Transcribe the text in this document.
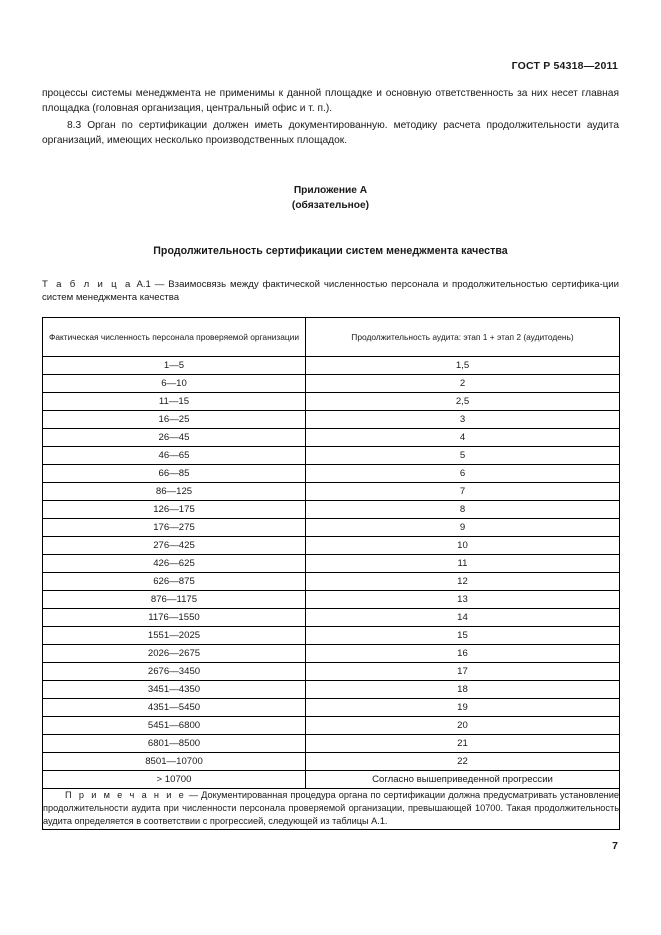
ГОСТ Р 54318—2011

процессы системы менеджмента не применимы к данной площадке и основную ответственность за них несет главная площадка (головная организация, центральный офис и т. п.).

8.3 Орган по сертификации должен иметь документированную. методику расчета продолжительности аудита организаций, имеющих несколько производственных площадок.

Приложение А
(обязательное)
Продолжительность сертификации систем менеджмента качества
Т а б л и ц а А.1 — Взаимосвязь между фактической численностью персонала и продолжительностью сертифика-ции систем менеджмента качества
Фактическая численность персонала проверяемой организации	Продолжительность аудита: этап 1 + этап 2 (аудитодень)
1—5	1,5
6—10	2
11—15	2,5
16—25	3
26—45	4
46—65	5
66—85	6
86—125	7
126—175	8
176—275	9
276—425	10
426—625	11
626—875	12
876—1175	13
1176—1550	14
1551—2025	15
2026—2675	16
2676—3450	17
3451—4350	18
4351—5450	19
5451—6800	20
6801—8500	21
8501—10700	22
> 10700	Согласно вышеприведенной прогрессии
П р и м е ч а н и е — Документированная процедура органа по сертификации должна предусматривать установление продолжительности аудита при численности персонала проверяемой организации, превышающей 10700. Такая продолжительность аудита определяется в соответствии с прогрессией, следующей из таблицы А.1.	
7
